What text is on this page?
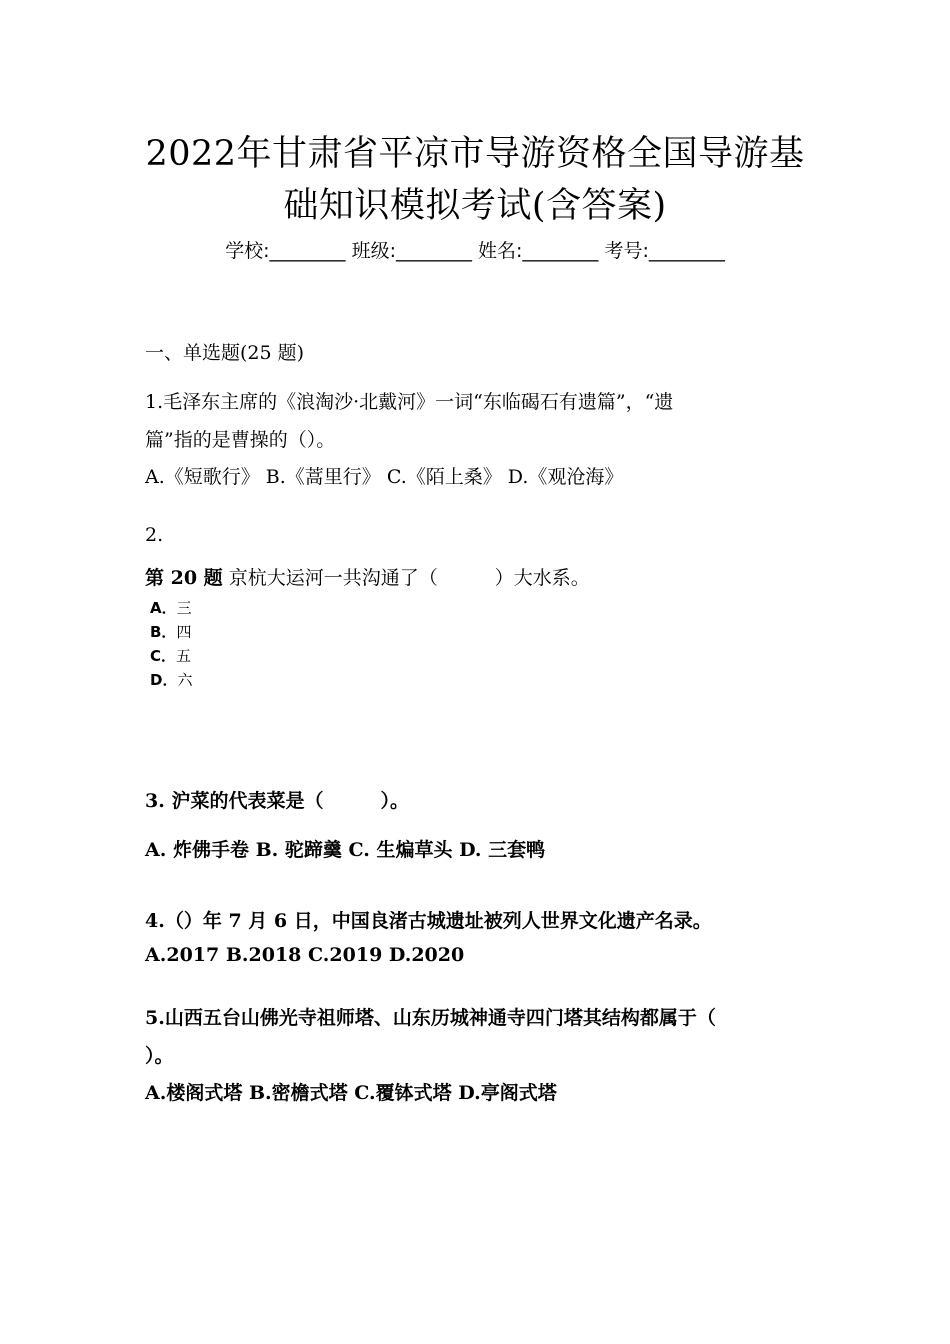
2022年甘肃省平凉市导游资格全国导游基
础知识模拟考试(含答案)
学校:________ 班级:________ 姓名:________ 考号:________
一、单选题(25 题)
1.毛泽东主席的《浪淘沙·北戴河》一词“东临碣石有遗篇”，“遗
篇”指的是曹操的（）。
A.《短歌行》 B.《蒿里行》 C.《陌上桑》 D.《观沧海》
2.
第 20 题 京杭大运河一共沟通了（　　　）大水系。
A．三
B．四
C．五
D．六
3. 沪菜的代表菜是（　　　）。
A. 炸佛手卷 B. 驼蹄羹 C. 生煸草头 D. 三套鸭
4.（）年 7 月 6 日，中国良渚古城遗址被列人世界文化遗产名录。
A.2017 B.2018 C.2019 D.2020
5.山西五台山佛光寺祖师塔、山东历城神通寺四门塔其结构都属于（
）。
A.楼阁式塔 B.密檐式塔 C.覆钵式塔 D.亭阁式塔
